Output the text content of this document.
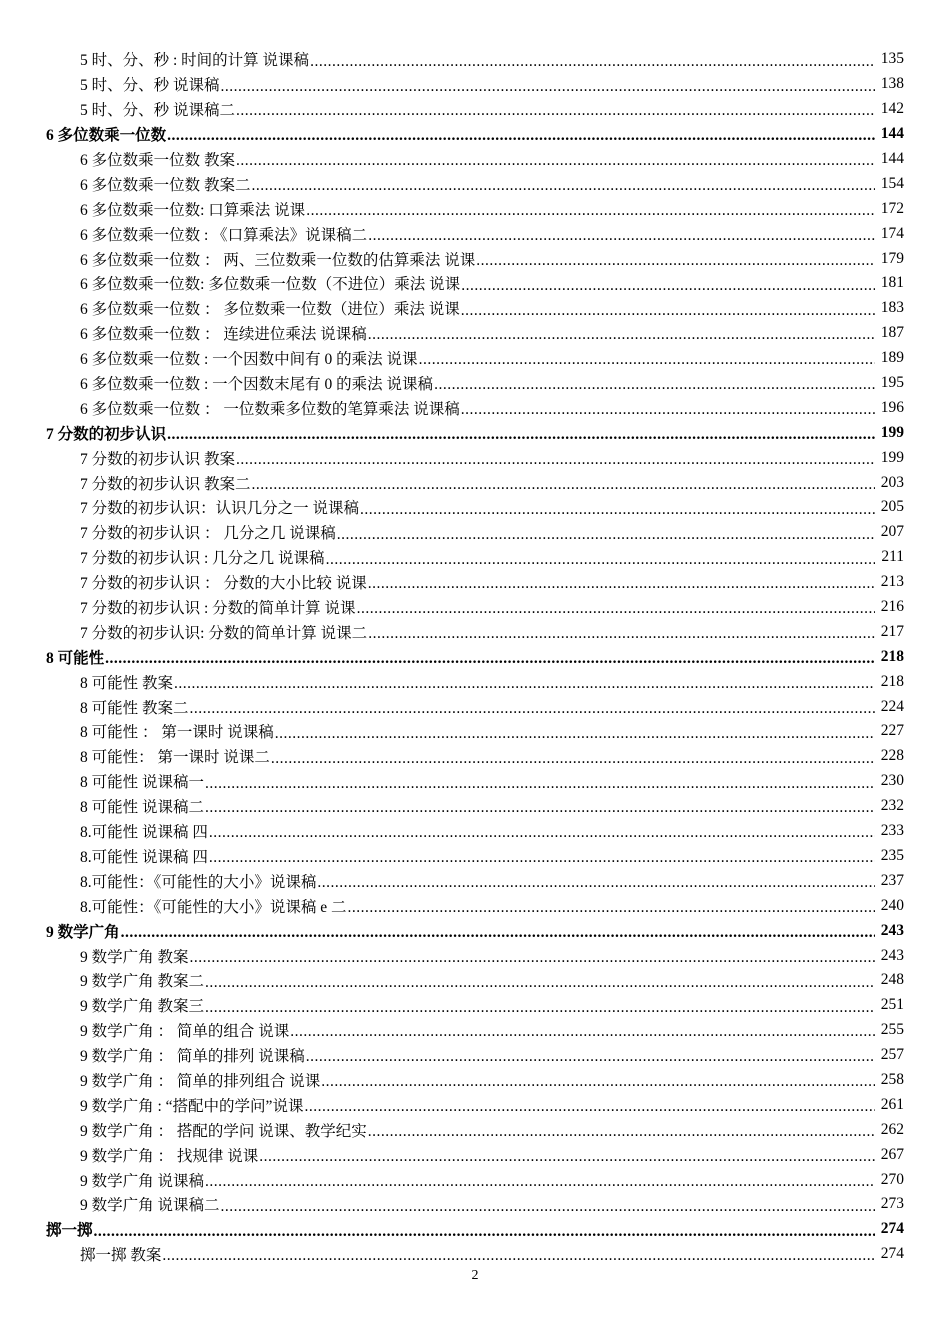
5 时、分、秒 : 时间的计算 说课稿 .....	135
5 时、分、秒 说课稿 .....	138
5 时、分、秒 说课稿二 .....	142
6 多位数乘一位数 .....	144
6 多位数乘一位数 教案 .....	144
6 多位数乘一位数 教案二 .....	154
6 多位数乘一位数: 口算乘法 说课 .....	172
6 多位数乘一位数 : 《口算乘法》说课稿二 .....	174
6 多位数乘一位数 ： 两、三位数乘一位数的估算乘法 说课 .....	179
6 多位数乘一位数: 多位数乘一位数（不进位）乘法 说课 .....	181
6 多位数乘一位数 ： 多位数乘一位数（进位）乘法 说课 .....	183
6 多位数乘一位数 ： 连续进位乘法 说课稿 .....	187
6 多位数乘一位数 : 一个因数中间有 0 的乘法 说课 .....	189
6 多位数乘一位数 : 一个因数末尾有 0 的乘法 说课稿 .....	195
6 多位数乘一位数 ： 一位数乘多位数的笔算乘法 说课稿 .....	196
7 分数的初步认识 .....	199
7 分数的初步认识 教案 .....	199
7 分数的初步认识 教案二 .....	203
7 分数的初步认识：认识几分之一 说课稿 .....	205
7 分数的初步认识 ： 几分之几 说课稿 .....	207
7 分数的初步认识 : 几分之几 说课稿 .....	211
7 分数的初步认识 ： 分数的大小比较 说课 .....	213
7 分数的初步认识 : 分数的简单计算 说课 .....	216
7 分数的初步认识: 分数的简单计算 说课二 .....	217
8 可能性 .....	218
8 可能性 教案 .....	218
8 可能性 教案二 .....	224
8 可能性 ： 第一课时 说课稿 .....	227
8 可能性： 第一课时 说课二 .....	228
8 可能性 说课稿一 .....	230
8 可能性 说课稿二 .....	232
8.可能性 说课稿 四 .....	233
8.可能性 说课稿 四 .....	235
8.可能性：《可能性的大小》说课稿 .....	237
8.可能性：《可能性的大小》说课稿 e 二 .....	240
9 数学广角 .....	243
9 数学广角 教案 .....	243
9 数学广角 教案二 .....	248
9 数学广角 教案三 .....	251
9 数学广角 ： 简单的组合 说课 .....	255
9 数学广角 ： 简单的排列 说课稿 .....	257
9 数学广角 ： 简单的排列组合 说课 .....	258
9 数学广角 : “搭配中的学问”说课 .....	261
9 数学广角 ： 搭配的学问 说课、教学纪实 .....	262
9 数学广角 ： 找规律 说课 .....	267
9 数学广角 说课稿 .....	270
9 数学广角 说课稿二 .....	273
掷一掷 .....	274
掷一掷 教案 .....	274
2
